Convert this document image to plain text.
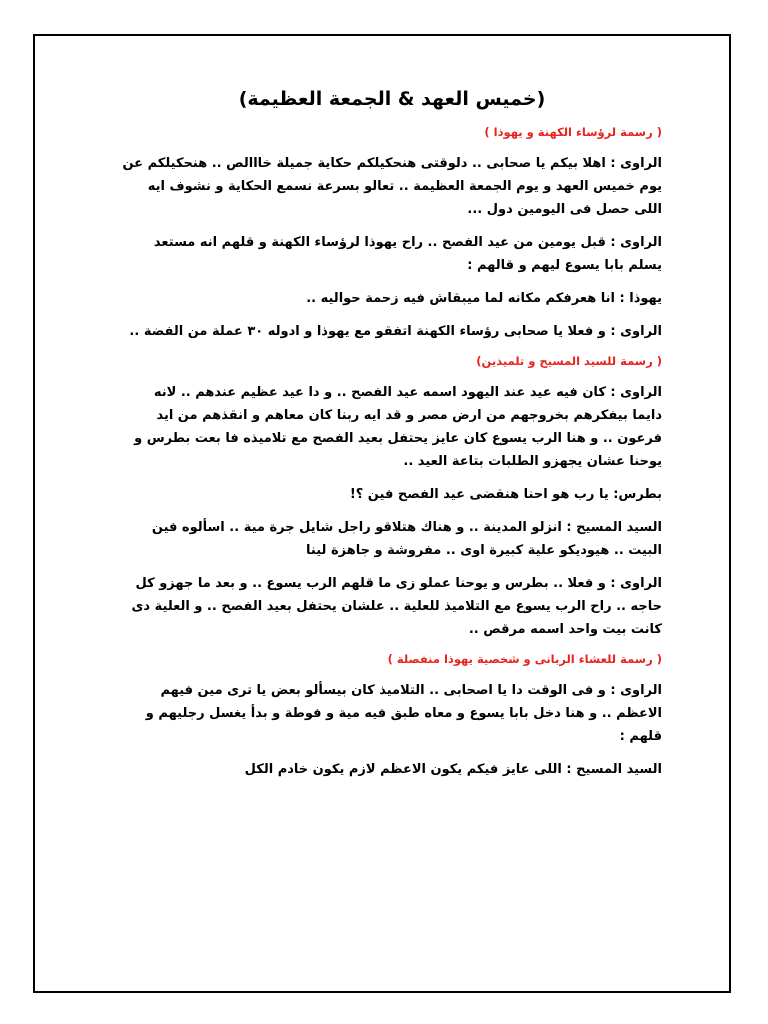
(خميس العهد & الجمعة العظيمة)
( رسمة لرؤساء الكهنة و يهوذا )
الراوى : اهلا بيكم يا صحابى .. دلوقتى هنحكيلكم حكاية جميلة خااالص .. هنحكيلكم عن يوم خميس العهد و يوم الجمعة العظيمة .. تعالو بسرعة نسمع الحكاية و نشوف ايه اللى حصل فى اليومين دول ...
الراوى : قبل يومين من عيد الفصح .. راح يهوذا لرؤساء الكهنة و قلهم انه مستعد يسلم بابا يسوع ليهم و قالهم :
يهوذا : انا هعرفكم مكانه لما ميبقاش فيه زحمة حواليه ..
الراوى : و فعلا يا صحابى رؤساء الكهنة اتفقو مع يهوذا و ادوله ٣٠ عملة من الفضة ..
( رسمة للسيد المسيح و تلميذين)
الراوى : كان فيه عيد عند اليهود اسمه عيد الفصح .. و دا عيد عظيم عندهم .. لانه دايما بيفكرهم بخروجهم من ارض مصر و قد ايه ربنا كان معاهم و انقذهم من ايد فرعون .. و هنا الرب يسوع كان عايز يحتفل بعيد الفصح مع تلاميذه فا بعت بطرس و يوحنا عشان يجهزو الطلبات بتاعة العيد ..
بطرس: يا رب هو احنا هنقضى عيد الفصح فين ؟!
السيد المسيح : انزلو المدينة .. و هناك هتلاقو راجل شايل جرة مية .. اسألوه فين البيت .. هيوديكو علية كبيرة اوى .. مفروشة و جاهزة لينا
الراوى : و فعلا .. بطرس و يوحنا عملو زى ما قلهم الرب يسوع .. و بعد ما جهزو كل حاجه .. راح الرب يسوع مع التلاميذ للعلية .. علشان يحتفل بعيد الفصح .. و العلية دى كانت بيت واحد اسمه مرقص ..
( رسمة للعشاء الربانى و شخصية يهوذا منفصلة )
الراوى : و فى الوقت دا يا اصحابى .. التلاميذ كان بيسألو بعض يا ترى مين فيهم الاعظم .. و هنا دخل بابا يسوع و معاه طبق فيه مية و فوطة و بدأ يغسل رجليهم و قلهم :
السيد المسيح : اللى عايز فيكم يكون الاعظم لازم يكون خادم الكل
